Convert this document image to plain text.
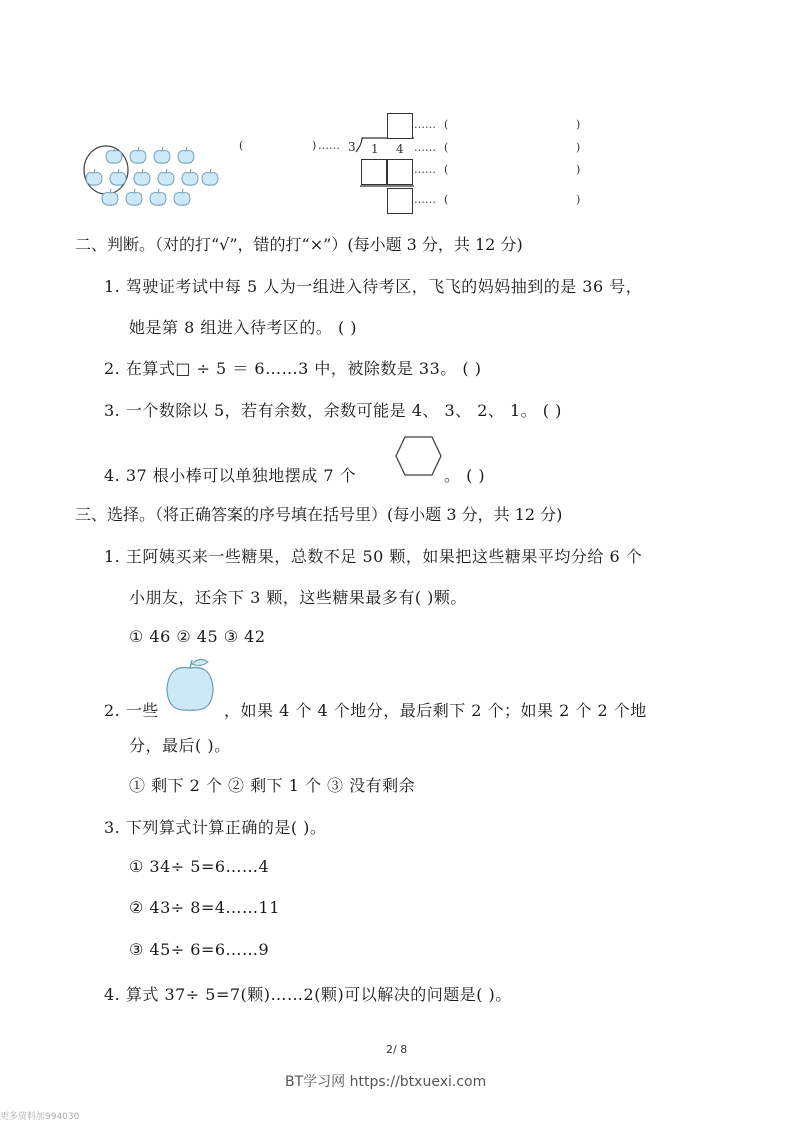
(	) …… 3 1 4
…… (	)
…… (	)
…… (	)
…… (	)
二、判断。（对的打“√”，错的打“×”）(每小题 3 分，共 12 分)
1. 驾驶证考试中每 5 人为一组进入待考区，飞飞的妈妈抽到的是 36 号，
她是第 8 组进入待考区的。 ( )
2. 在算式□ ÷ 5 ＝ 6……3 中，被除数是 33。 ( )
3. 一个数除以 5，若有余数，余数可能是 4、 3、 2、 1。 ( )
4. 37 根小棒可以单独地摆成 7 个	。 ( )
三、选择。（将正确答案的序号填在括号里）(每小题 3 分，共 12 分)
1. 王阿姨买来一些糖果，总数不足 50 颗，如果把这些糖果平均分给 6 个
小朋友，还余下 3 颗，这些糖果最多有( )颗。
① 46 ② 45 ③ 42
2. 一些	，如果 4 个 4 个地分，最后剩下 2 个；如果 2 个 2 个地
分，最后( )。
① 剩下 2 个 ② 剩下 1 个 ③ 没有剩余
3. 下列算式计算正确的是( )。
① 34÷ 5=6……4
② 43÷ 8=4……11
③ 45÷ 6=6……9
4. 算式 37÷ 5=7(颗)……2(颗)可以解决的问题是( )。
2/ 8
BT学习网 https://btxuexi.com
更多资料加994030
